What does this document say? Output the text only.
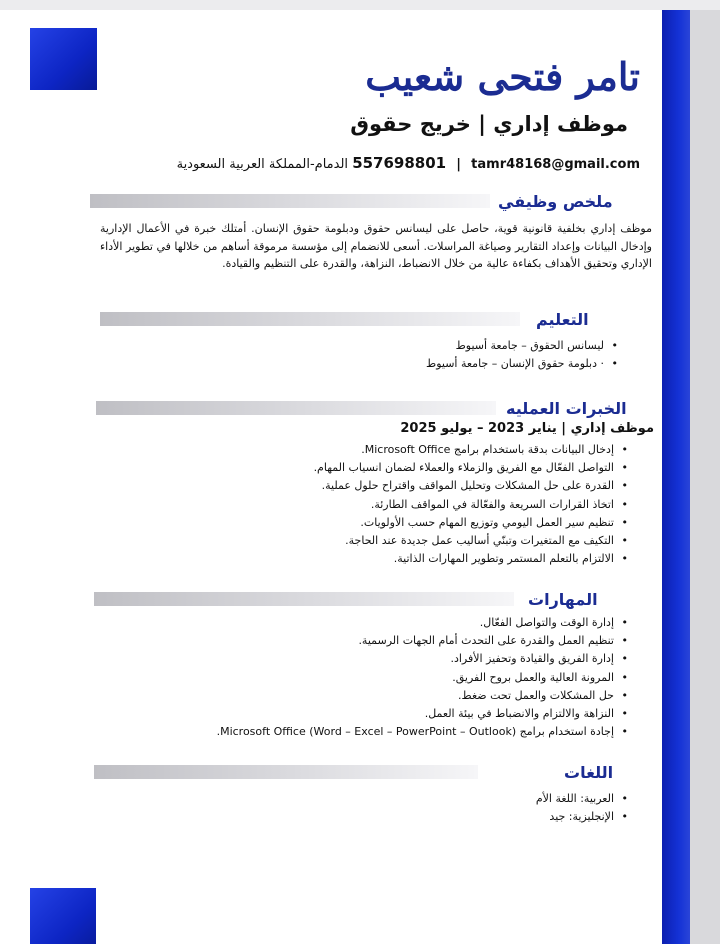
تامر فتحى شعيب
موظف إداري | خريج حقوق
الدمام-المملكة العربية السعودية 557698801 | tamr48168@gmail.com
ملخص وظيفي

موظف إداري بخلفية قانونية قوية، حاصل على ليسانس حقوق ودبلومة حقوق الإنسان. أمتلك خبرة في الأعمال الإدارية وإدخال البيانات وإعداد التقارير وصياغة المراسلات. أسعى للانضمام إلى مؤسسة مرموقة أساهم من خلالها في تطوير الأداء الإداري وتحقيق الأهداف بكفاءة عالية من خلال الانضباط، النزاهة، والقدرة على التنظيم والقيادة.

التعليم
• ليسانس الحقوق – جامعة أسيوط
• · دبلومة حقوق الإنسان – جامعة أسيوط
الخبرات العمليه
موظف إداري | يناير 2023 – يوليو 2025
• إدخال البيانات بدقة باستخدام برامج Microsoft Office.
• التواصل الفعّال مع الفريق والزملاء والعملاء لضمان انسياب المهام.
• القدرة على حل المشكلات وتحليل المواقف واقتراح حلول عملية.
• اتخاذ القرارات السريعة والفعّالة في المواقف الطارئة.
• تنظيم سير العمل اليومي وتوزيع المهام حسب الأولويات.
• التكيف مع المتغيرات وتبنّي أساليب عمل جديدة عند الحاجة.
• الالتزام بالتعلم المستمر وتطوير المهارات الذاتية.
المهارات
• إدارة الوقت والتواصل الفعّال.
• تنظيم العمل والقدرة على التحدث أمام الجهات الرسمية.
• إدارة الفريق والقيادة وتحفيز الأفراد.
• المرونة العالية والعمل بروح الفريق.
• حل المشكلات والعمل تحت ضغط.
• النزاهة والالتزام والانضباط في بيئة العمل.
• إجادة استخدام برامج Microsoft Office (Word – Excel – PowerPoint – Outlook).
اللغات
• العربية: اللغة الأم
• الإنجليزية: جيد
